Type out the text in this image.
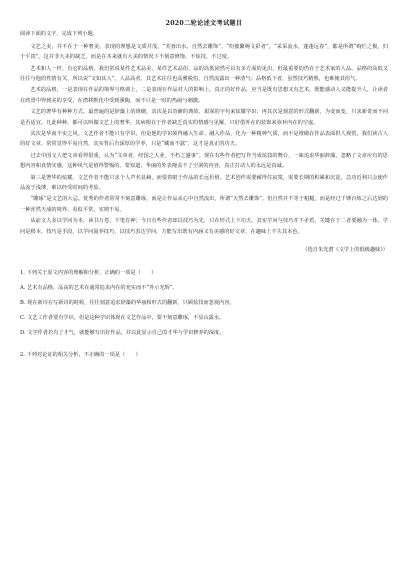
2020二轮论述文考试题目
阅读下面的文字，完成下列小题。

文艺之美，并不在于一种奢美。表现的理想是文质并茂、“芙蓉出水，自然去雕饰”。“纷披繁缛文彩者”，“采采流水，蓬蓬远春”，都是所谓“绚烂之极，归于平淡”。这并非大美的缺乏，而是在本来就有大美的情况下不刻意修饰，不炫技，不过度。

艺术和人一样，有它的品格。我们常说某件艺术品美，某件艺术品俗，品的高低固然可以有多方面的见出，但最重要的仍在于艺术家的人品。品格的高低又往往与他的性情有关，所以说“文如其人”。人品高者，其艺术往往也高雅脱俗，自然流露出一种清气；品格低下者，虽然技巧精熟，也难掩其俗气。

艺术的品格，一是表现在作品的境界与格调上，二是表现在作品对人的影响上。真正的好作品，应当是既有思想又有艺术，既能感动人又能提升人，让读者在欣赏中得到美的享受，在潜移默化中受到熏陶，而不只是一时的热闹与刺激。

文艺的奢华有种种方式。最普遍的是辞藻上的堆砌，其次是以奇僻的典故、艰深的字句来炫耀学识；再其次是刻意的形式翻新，为变而变，只求新奇而不问是否适宜。凡此种种，都可以叫做文艺上的奢华，其病根在于作者缺乏真实的情感与见解，只好借外在的装饰来弥补内在的空虚。

其次是华而不实之风。文艺作者不能只有学识，但是他的学识须得融入生命、融入作品，化为一种精神气质，而不是堆砌在作品表面供人观赏。我们读古人的好文章，常常觉得平易自然，其实背后有深厚的学养，只是“藏而不露”，这才是真正的功夫。

过去中国文人把文章看得很重，认为“文章者，经国之大业，不朽之盛事”。现在有些作者把写作当成炫技的舞台，一味追求华丽辞藻，忽略了文章应有的思想内容和真情实感，这种风气是值得警惕的。要知道，华丽的外表掩盖不了空洞的内容，真正打动人的永远是真诚。

第三是奢华的炫耀。文艺作者不能只求个人声名显赫，而要着眼于作品的长远价值。艺术创作需要耐得住寂寞，需要长期的积累和沉淀，急功近利只会使作品流于浅薄，难以经受时间的考验。

“雕琢”是文艺的大忌。优秀的作者常常不刻意雕琢，而是让作品从心中自然流出，所谓“天然去雕饰”。但自然并不等于粗糙，而是经过千锤百炼之后达到的一种浑然天成的境界，看似平常，实则不易。

从前文人多以学问为本，读书万卷，下笔有神；今日有些作者却以技巧为先，只在形式上下功夫。其实学问与技巧并不矛盾，关键在于二者要融为一体，学问是根本，技巧是手段，以学问滋养技巧，以技巧表达学问，方能写出既有内涵又有美感的好文章，在趣味上不失其本色。

（选自朱光潜《文学上的低级趣味》）
1. 下列关于原文内容的理解和分析，正确的一项是（　　）
A. 艺术有品格，品高的艺术在通常追求内在的充实而不“外示光辉”。
B. 现在新诗在写新诗的时候，往往刻意追求辞藻的华丽和形式的翻新，只顾炫技而忽视内容。
C. 文艺工作者要有学识，但是这种学识体现在文艺作品中，要不刻意雕琢，不显山露水。
D. 文学作者若有了才气，就能够写出好作品，并以此显示自己的才华与学识修养的深度。
2. 下列对论证的相关分析，不正确的一项是（　　）
